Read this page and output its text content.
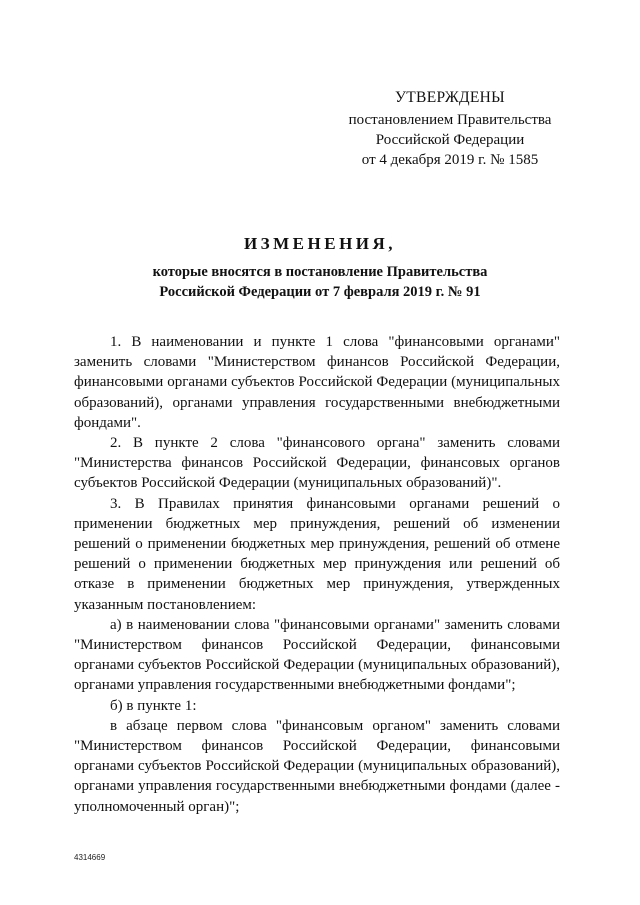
УТВЕРЖДЕНЫ
постановлением Правительства
Российской Федерации
от 4 декабря 2019 г. № 1585
ИЗМЕНЕНИЯ,
которые вносятся в постановление Правительства
Российской Федерации от 7 февраля 2019 г. № 91

1. В наименовании и пункте 1 слова "финансовыми органами" заменить словами "Министерством финансов Российской Федерации, финансовыми органами субъектов Российской Федерации (муниципальных образований), органами управления государственными внебюджетными фондами".

2. В пункте 2 слова "финансового органа" заменить словами "Министерства финансов Российской Федерации, финансовых органов субъектов Российской Федерации (муниципальных образований)".

3. В Правилах принятия финансовыми органами решений о применении бюджетных мер принуждения, решений об изменении решений о применении бюджетных мер принуждения, решений об отмене решений о применении бюджетных мер принуждения или решений об отказе в применении бюджетных мер принуждения, утвержденных указанным постановлением:

а) в наименовании слова "финансовыми органами" заменить словами "Министерством финансов Российской Федерации, финансовыми органами субъектов Российской Федерации (муниципальных образований), органами управления государственными внебюджетными фондами";

б) в пункте 1:

в абзаце первом слова "финансовым органом" заменить словами "Министерством финансов Российской Федерации, финансовыми органами субъектов Российской Федерации (муниципальных образований), органами управления государственными внебюджетными фондами (далее - уполномоченный орган)";

4314669
